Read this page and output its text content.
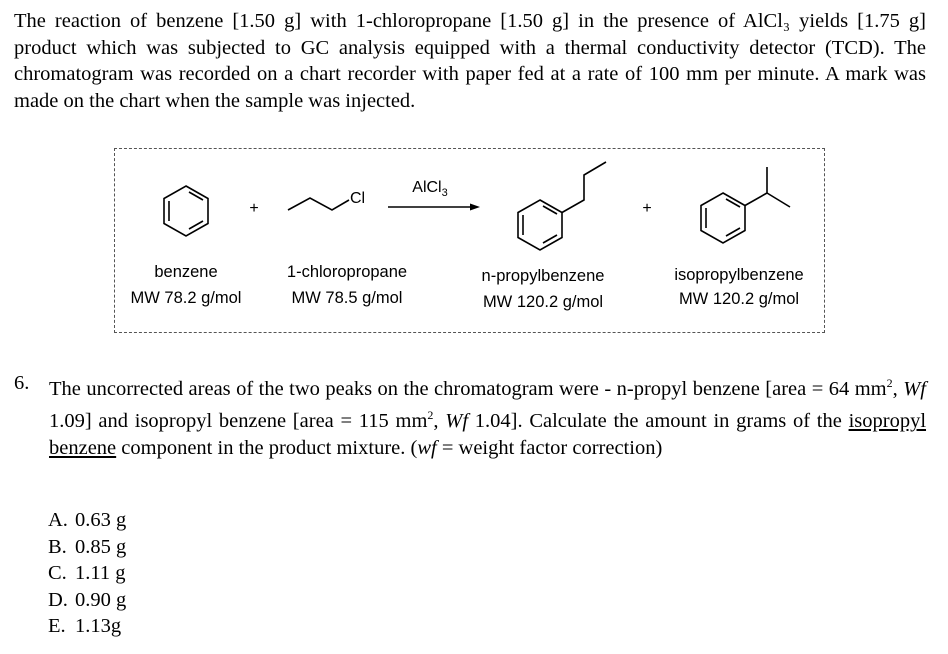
The reaction of benzene [1.50 g] with 1-chloropropane [1.50 g] in the presence of AlCl₃ yields [1.75 g] product which was subjected to GC analysis equipped with a thermal conductivity detector (TCD). The chromatogram was recorded on a chart recorder with paper fed at a rate of 100 mm per minute. A mark was made on the chart when the sample was injected.
+
Cl
AlCl$_3$
+
benzene
MW 78.2 g/mol
1-chloropropane
MW 78.5 g/mol
n-propylbenzene
MW 120.2 g/mol
isopropylbenzene
MW 120.2 g/mol
6. The uncorrected areas of the two peaks on the chromatogram were - n-propyl benzene [area = 64 $mm^2$, Wf 1.09] and isopropyl benzene [area = 115 $mm^2$, Wf 1.04]. Calculate the amount in grams of the isopropyl benzene component in the product mixture. (wf = weight factor correction)
A. 0.63 g
B. 0.85 g
C. 1.11 g
D. 0.90 g
E. 1.13g
